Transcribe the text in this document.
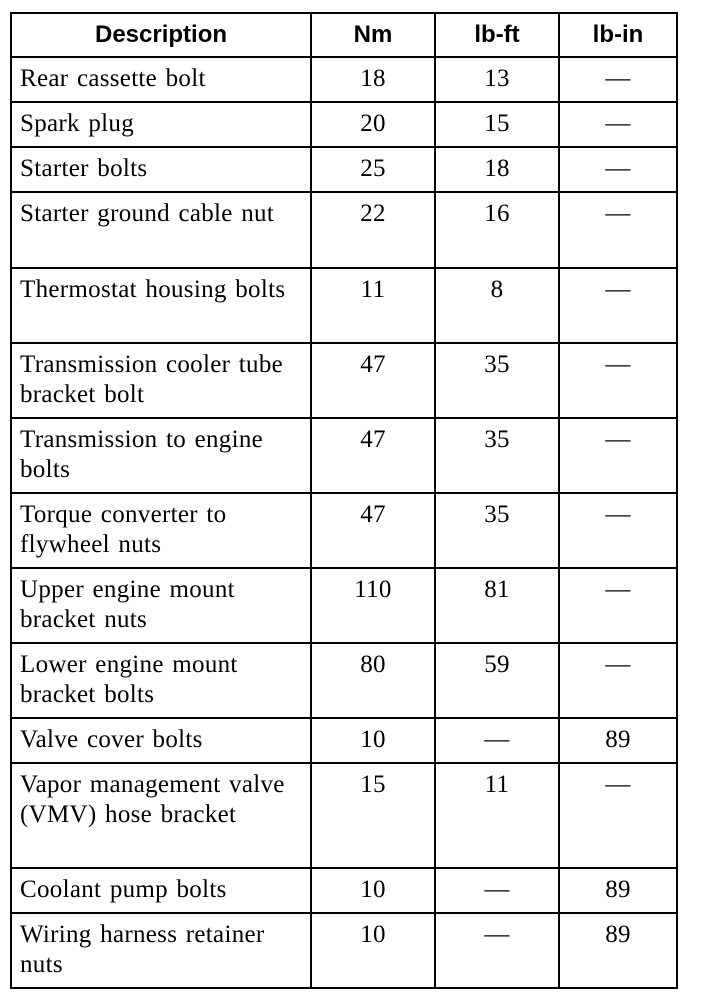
Description	Nm	lb-ft	lb-in
Rear cassette bolt	18	13	—
Spark plug	20	15	—
Starter bolts	25	18	—
Starter ground cable nut	22	16	—
Thermostat housing bolts	11	8	—
Transmission cooler tube bracket bolt	47	35	—
Transmission to engine bolts	47	35	—
Torque converter to flywheel nuts	47	35	—
Upper engine mount bracket nuts	110	81	—
Lower engine mount bracket bolts	80	59	—
Valve cover bolts	10	—	89
Vapor management valve (VMV) hose bracket	15	11	—
Coolant pump bolts	10	—	89
Wiring harness retainer nuts	10	—	89
